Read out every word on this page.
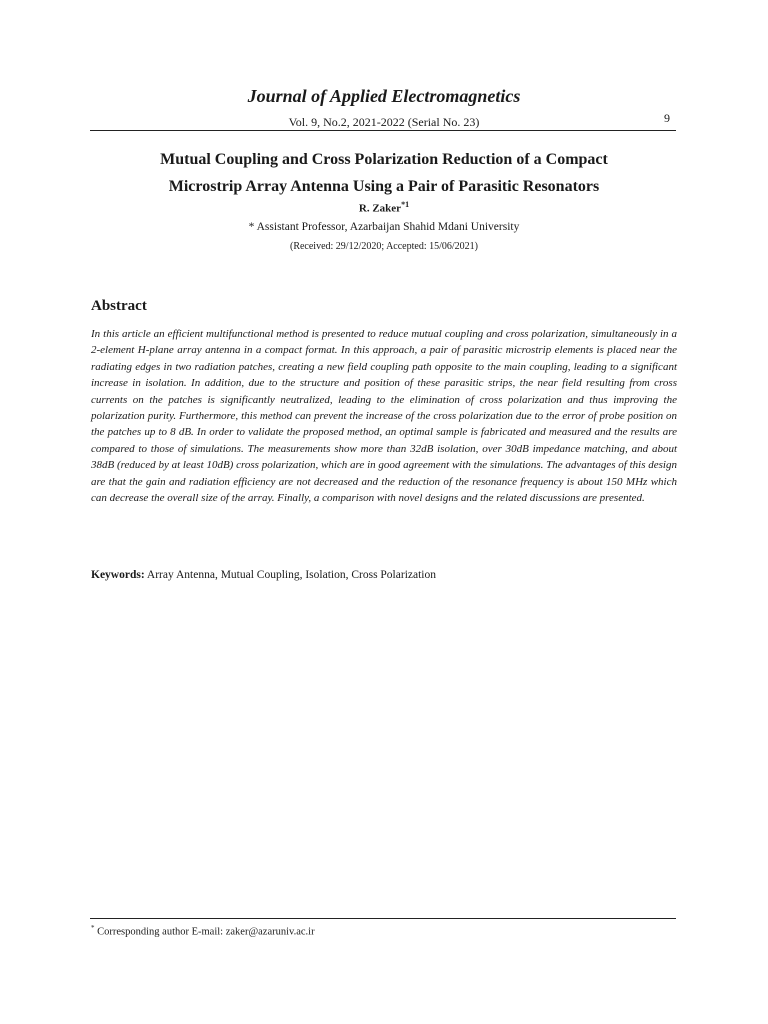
Journal of Applied Electromagnetics
Vol. 9, No.2, 2021-2022 (Serial No. 23)	9
Mutual Coupling and Cross Polarization Reduction of a Compact
Microstrip Array Antenna Using a Pair of Parasitic Resonators
R. Zaker$^{*1}$
* Assistant Professor, Azarbaijan Shahid Mdani University
(Received: 29/12/2020; Accepted: 15/06/2021)
Abstract
In this article an efficient multifunctional method is presented to reduce mutual coupling and cross polarization, simultaneously in a 2-element H-plane array antenna in a compact format. In this approach, a pair of parasitic microstrip elements is placed near the radiating edges in two radiation patches, creating a new field coupling path opposite to the main coupling, leading to a significant increase in isolation. In addition, due to the structure and position of these parasitic strips, the near field resulting from cross currents on the patches is significantly neutralized, leading to the elimination of cross polarization and thus improving the polarization purity. Furthermore, this method can prevent the increase of the cross polarization due to the error of probe position on the patches up to 8 dB. In order to validate the proposed method, an optimal sample is fabricated and measured and the results are compared to those of simulations. The measurements show more than 32dB isolation, over 30dB impedance matching, and about 38dB (reduced by at least 10dB) cross polarization, which are in good agreement with the simulations. The advantages of this design are that the gain and radiation efficiency are not decreased and the reduction of the resonance frequency is about 150 MHz which can decrease the overall size of the array. Finally, a comparison with novel designs and the related discussions are presented.
Keywords: Array Antenna, Mutual Coupling, Isolation, Cross Polarization
* Corresponding author E-mail: zaker@azaruniv.ac.ir
